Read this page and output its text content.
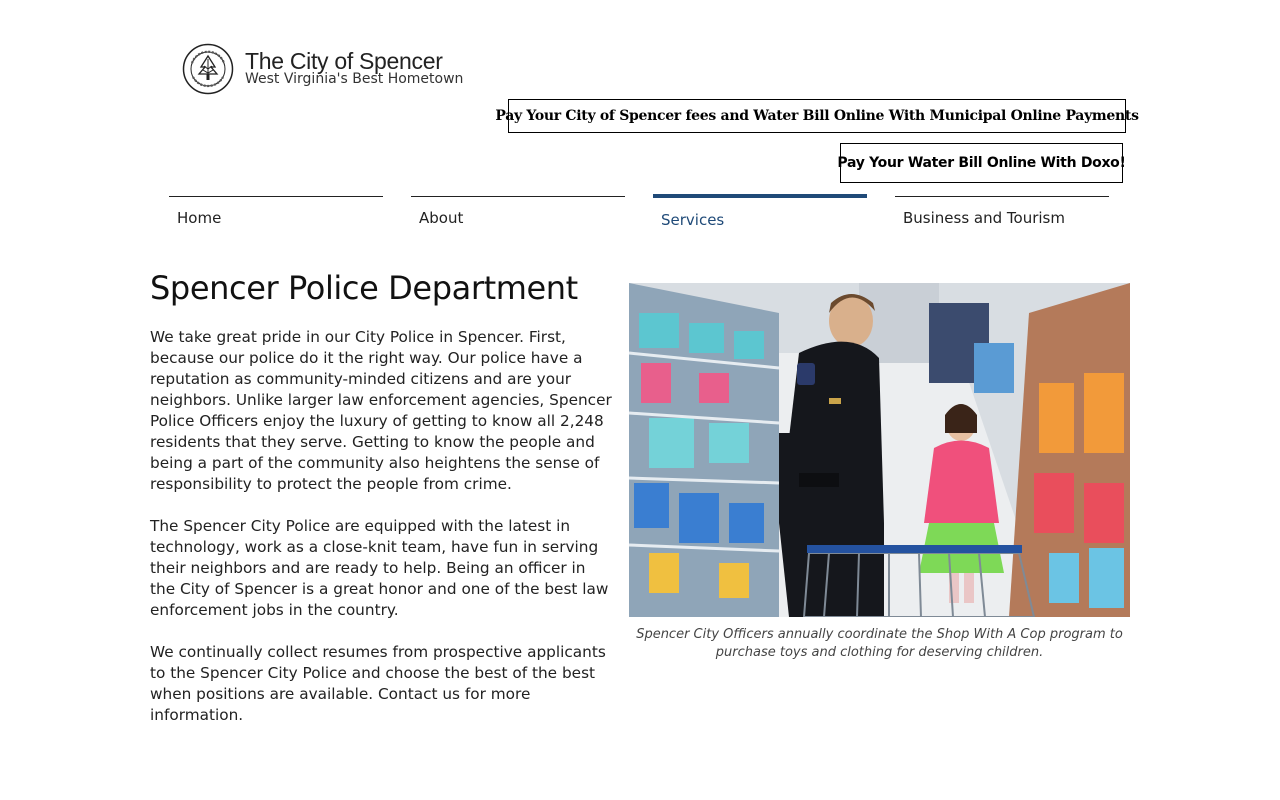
The City of Spencer
West Virginia's Best Hometown
Pay Your City of Spencer fees and Water Bill Online With Municipal Online Payments
Pay Your Water Bill Online With Doxo!
Home	About	Services	Business and Tourism
Spencer Police Department

We take great pride in our City Police in Spencer. First, because our police do it the right way. Our police have a reputation as community-minded citizens and are your neighbors. Unlike larger law enforcement agencies, Spencer Police Officers enjoy the luxury of getting to know all 2,248 residents that they serve. Getting to know the people and being a part of the community also heightens the sense of responsibility to protect the people from crime.

The Spencer City Police are equipped with the latest in technology, work as a close-knit team, have fun in serving their neighbors and are ready to help. Being an officer in the City of Spencer is a great honor and one of the best law enforcement jobs in the country.

We continually collect resumes from prospective applicants to the Spencer City Police and choose the best of the best when positions are available. Contact us for more information.

Spencer City Officers annually coordinate the Shop With A Cop program to purchase toys and clothing for deserving children.
